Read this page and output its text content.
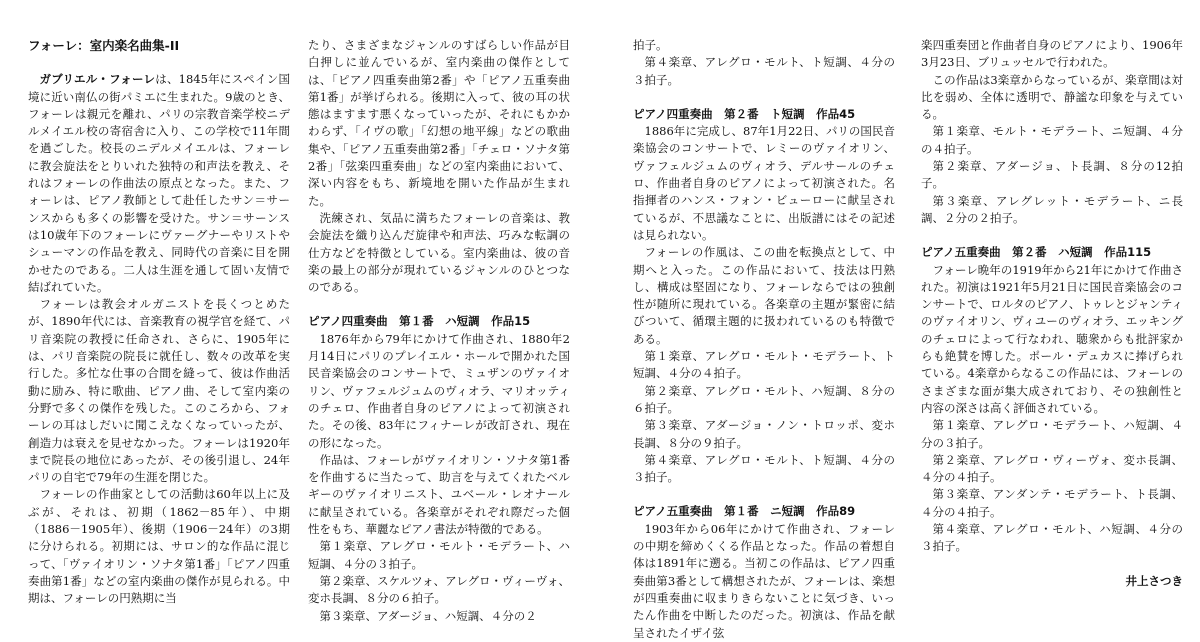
フォーレ：室内楽名曲集-II

ガブリエル・フォーレは、1845年にスペイン国境に近い南仏の街パミエに生まれた。9歳のとき、フォーレは親元を離れ、パリの宗教音楽学校ニデルメイエル校の寄宿舎に入り、この学校で11年間を過ごした。校長のニデルメイエルは、フォーレに教会旋法をとりいれた独特の和声法を教え、それはフォーレの作曲法の原点となった。また、フォーレは、ピアノ教師として赴任したサン＝サーンスからも多くの影響を受けた。サン＝サーンスは10歳年下のフォーレにヴァーグナーやリストやシューマンの作品を教え、同時代の音楽に目を開かせたのである。二人は生涯を通して固い友情で結ばれていた。

フォーレは教会オルガニストを長くつとめたが、1890年代には、音楽教育の視学官を経て、パリ音楽院の教授に任命され、さらに、1905年には、パリ音楽院の院長に就任し、数々の改革を実行した。多忙な仕事の合間を縫って、彼は作曲活動に励み、特に歌曲、ピアノ曲、そして室内楽の分野で多くの傑作を残した。このころから、フォーレの耳はしだいに聞こえなくなっていったが、創造力は衰えを見せなかった。フォーレは1920年まで院長の地位にあったが、その後引退し、24年パリの自宅で79年の生涯を閉じた。

フォーレの作曲家としての活動は60年以上に及ぶが、それは、初期（1862－85年）、中期（1886－1905年）、後期（1906－24年）の3期に分けられる。初期には、サロン的な作品に混じって、「ヴァイオリン・ソナタ第1番」「ピアノ四重奏曲第1番」などの室内楽曲の傑作が見られる。中期は、フォーレの円熟期に当

たり、さまざまなジャンルのすばらしい作品が目白押しに並んでいるが、室内楽曲の傑作としては、「ピアノ四重奏曲第2番」や「ピアノ五重奏曲第1番」が挙げられる。後期に入って、彼の耳の状態はますます悪くなっていったが、それにもかかわらず、「イヴの歌」「幻想の地平線」などの歌曲集や、「ピアノ五重奏曲第2番」「チェロ・ソナタ第2番」「弦楽四重奏曲」などの室内楽曲において、深い内容をもち、新境地を開いた作品が生まれた。

洗練され、気品に満ちたフォーレの音楽は、教会旋法を織り込んだ旋律や和声法、巧みな転調の仕方などを特徴としている。室内楽曲は、彼の音楽の最上の部分が現れているジャンルのひとつなのである。

ピアノ四重奏曲　第１番　ハ短調　作品15

1876年から79年にかけて作曲され、1880年2月14日にパリのプレイエル・ホールで開かれた国民音楽協会のコンサートで、ミュザンのヴァイオリン、ヴァフェルジュムのヴィオラ、マリオッティのチェロ、作曲者自身のピアノによって初演された。その後、83年にフィナーレが改訂され、現在の形になった。

作品は、フォーレがヴァイオリン・ソナタ第1番を作曲するに当たって、助言を与えてくれたベルギーのヴァイオリニスト、ユベール・レオナールに献呈されている。各楽章がそれぞれ際だった個性をもち、華麗なピアノ書法が特徴的である。

第１楽章、アレグロ・モルト・モデラート、ハ短調、４分の３拍子。

第２楽章、スケルツォ、アレグロ・ヴィーヴォ、変ホ長調、８分の６拍子。

第３楽章、アダージョ、ハ短調、４分の２

拍子。

第４楽章、アレグロ・モルト、ト短調、４分の３拍子。

ピアノ四重奏曲　第２番　ト短調　作品45

1886年に完成し、87年1月22日、パリの国民音楽協会のコンサートで、レミーのヴァイオリン、ヴァフェルジュムのヴィオラ、デルサールのチェロ、作曲者自身のピアノによって初演された。名指揮者のハンス・フォン・ビューローに献呈されているが、不思議なことに、出版譜にはその記述は見られない。

フォーレの作風は、この曲を転換点として、中期へと入った。この作品において、技法は円熟し、構成は堅固になり、フォーレならではの独創性が随所に現れている。各楽章の主題が緊密に結びついて、循環主題的に扱われているのも特徴である。

第１楽章、アレグロ・モルト・モデラート、ト短調、４分の４拍子。

第２楽章、アレグロ・モルト、ハ短調、８分の６拍子。

第３楽章、アダージョ・ノン・トロッポ、変ホ長調、８分の９拍子。

第４楽章、アレグロ・モルト、ト短調、４分の３拍子。

ピアノ五重奏曲　第１番　ニ短調　作品89

1903年から06年にかけて作曲され、フォーレの中期を締めくくる作品となった。作品の着想自体は1891年に遡る。当初この作品は、ピアノ四重奏曲第3番として構想されたが、フォーレは、楽想が四重奏曲に収まりきらないことに気づき、いったん作曲を中断したのだった。初演は、作品を献呈されたイザイ弦

楽四重奏団と作曲者自身のピアノにより、1906年3月23日、ブリュッセルで行われた。

この作品は3楽章からなっているが、楽章間は対比を弱め、全体に透明で、静謐な印象を与えている。

第１楽章、モルト・モデラート、ニ短調、４分の４拍子。

第２楽章、アダージョ、ト長調、８分の12拍子。

第３楽章、アレグレット・モデラート、ニ長調、２分の２拍子。

ピアノ五重奏曲　第２番　ハ短調　作品115

フォーレ晩年の1919年から21年にかけて作曲された。初演は1921年5月21日に国民音楽協会のコンサートで、ロルタのピアノ、トゥレとジャンティのヴァイオリン、ヴィユーのヴィオラ、エッキングのチェロによって行なわれ、聴衆からも批評家からも絶賛を博した。ポール・デュカスに捧げられている。4楽章からなるこの作品には、フォーレのさまざまな面が集大成されており、その独創性と内容の深さは高く評価されている。

第１楽章、アレグロ・モデラート、ハ短調、４分の３拍子。

第２楽章、アレグロ・ヴィーヴォ、変ホ長調、４分の４拍子。

第３楽章、アンダンテ・モデラート、ト長調、４分の４拍子。

第４楽章、アレグロ・モルト、ハ短調、４分の３拍子。

井上さつき
